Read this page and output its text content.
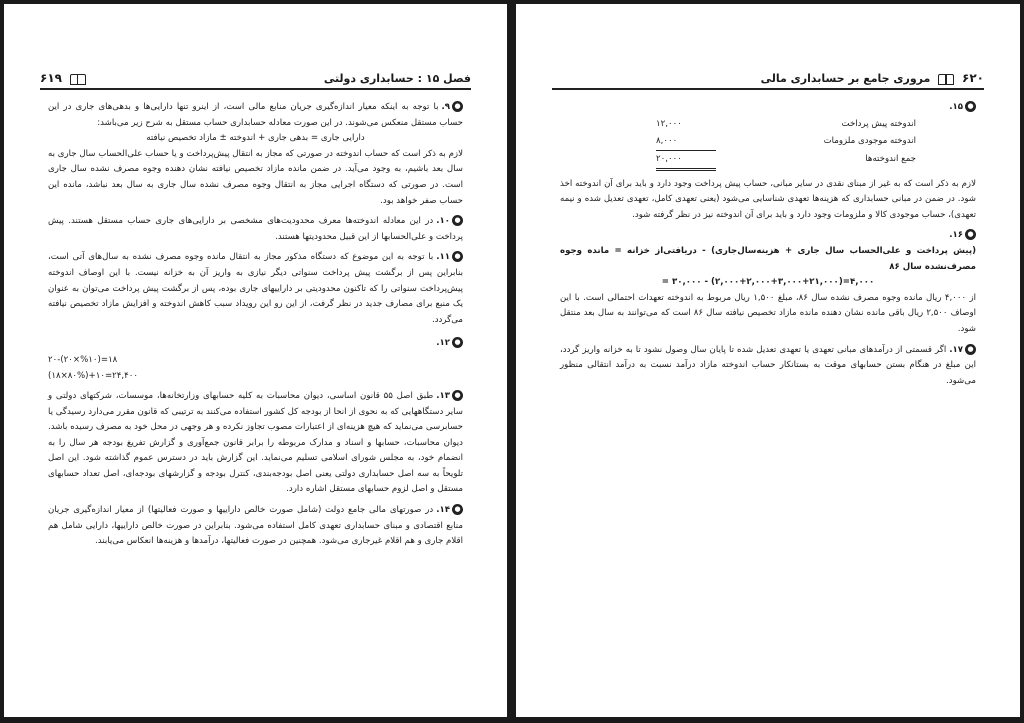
فصل ۱۵ : حسابداری دولتی
۶۱۹
●۹.با توجه به اینکه معیار اندازه‌گیری جریان منابع مالی است، از اینرو تنها دارایی‌ها و بدهی‌های جاری در این حساب مستقل منعکس می‌شوند. در این صورت معادله حسابداری حساب مستقل به شرح زیر می‌باشد:
دارایی جاری = بدهی جاری + اندوخته ± مازاد تخصیص نیافته
لازم به ذکر است که حساب اندوخته در صورتی که مجاز به انتقال پیش‌پرداخت و یا حساب علی‌الحساب سال جاری به سال بعد باشیم، به وجود می‌آید. در ضمن مانده مازاد تخصیص نیافته نشان دهنده وجوه مصرف نشده سال جاری است. در صورتی که دستگاه اجرایی مجاز به انتقال وجوه مصرف نشده سال جاری به سال بعد نباشد، مانده این حساب صفر خواهد بود.
●۱۰.در این معادله اندوخته‌ها معرف محدودیت‌های مشخصی بر دارایی‌های جاری حساب مستقل هستند. پیش پرداخت و علی‌الحسابها از این قبیل محدودیتها هستند.
●۱۱.با توجه به این موضوع که دستگاه مذکور مجاز به انتقال مانده وجوه مصرف نشده به سال‌های آتی است، بنابراین پس از برگشت پیش پرداخت سنواتی دیگر نیازی به واریز آن به خزانه نیست. با این اوصاف اندوخته پیش‌پرداخت سنواتی را که تاکنون محدودیتی بر داراییهای جاری بوده، پس از برگشت پیش پرداخت می‌توان به عنوان یک منبع برای مصارف جدید در نظر گرفت، از این رو این رویداد سبب کاهش اندوخته و افزایش مازاد تخصیص نیافته می‌گردد.
●۱۲.
۲۰-(۲۰×%۱۰)=۱۸
(۱۸×۸۰%)+۱۰=۲۴,۴۰۰
●۱۳.طبق اصل ۵۵ قانون اساسی، دیوان محاسبات به کلیه حسابهای وزارتخانه‌ها، موسسات، شرکتهای دولتی و سایر دستگاههایی که به نحوی از انحا از بودجه کل کشور استفاده می‌کنند به ترتیبی که قانون مقرر می‌دارد رسیدگی یا حسابرسی می‌نماید که هیچ هزینه‌ای از اعتبارات مصوب تجاوز نکرده و هر وجهی در محل خود به مصرف رسیده باشد. دیوان محاسبات، حسابها و اسناد و مدارک مربوطه را برابر قانون جمع‌آوری و گزارش تفریغ بودجه هر سال را به انضمام خود، به مجلس شورای اسلامی تسلیم می‌نماید. این گزارش باید در دسترس عموم گذاشته شود. این اصل تلویحاً به سه اصل حسابداری دولتی یعنی اصل بودجه‌بندی، کنترل بودجه و گزارشهای بودجه‌ای، اصل تعداد حسابهای مستقل و اصل لزوم حسابهای مستقل اشاره دارد.
●۱۴.در صورتهای مالی جامع دولت (شامل صورت خالص داراییها و صورت فعالیتها) از معیار اندازه‌گیری جریان منابع اقتصادی و مبنای حسابداری تعهدی کامل استفاده می‌شود. بنابراین در صورت خالص داراییها، دارایی شامل هم اقلام جاری و هم اقلام غیرجاری می‌شود. همچنین در صورت فعالیتها، درآمدها و هزینه‌ها انعکاس می‌یابند.
۶۲۰  مروری جامع بر حسابداری مالی
●۱۵.
اندوخته پیش پرداخت
۱۲,۰۰۰
اندوخته موجودی ملزومات
۸,۰۰۰
جمع اندوخته‌ها
۲۰,۰۰۰
لازم به ذکر است که به غیر از مبنای نقدی در سایر مبانی، حساب پیش پرداخت وجود دارد و باید برای آن اندوخته اخذ شود. در ضمن در مبانی حسابداری که هزینه‌ها تعهدی شناسایی می‌شود (یعنی تعهدی کامل، تعهدی تعدیل شده و نیمه تعهدی)، حساب موجودی کالا و ملزومات وجود دارد و باید برای آن اندوخته نیز در نظر گرفته شود.
●۱۶.
(پیش پرداخت و علی‌الحساب سال جاری + هزینه‌سال‌جاری) - دریافتی‌از خزانه = مانده وجوه مصرف‌نشده سال ۸۶
۴,۰۰۰=(۲,۰۰۰+۲,۰۰۰+۳,۰۰۰+۲۱,۰۰۰) - ۳۰,۰۰۰ =
از ۴,۰۰۰ ریال مانده وجوه مصرف نشده سال ۸۶، مبلغ ۱,۵۰۰ ریال مربوط به اندوخته تعهدات احتمالی است. با این اوصاف ۲,۵۰۰ ریال باقی مانده نشان دهنده مانده مازاد تخصیص نیافته سال ۸۶ است که می‌توانند به سال بعد منتقل شود.
●۱۷.اگر قسمتی از درآمدهای مبانی تعهدی یا تعهدی تعدیل شده تا پایان سال وصول نشود تا به خزانه واریز گردد، این مبلغ در هنگام بستن حسابهای موقت به بستانکار حساب اندوخته مازاد درآمد نسبت به درآمد انتقالی منظور می‌شود.
